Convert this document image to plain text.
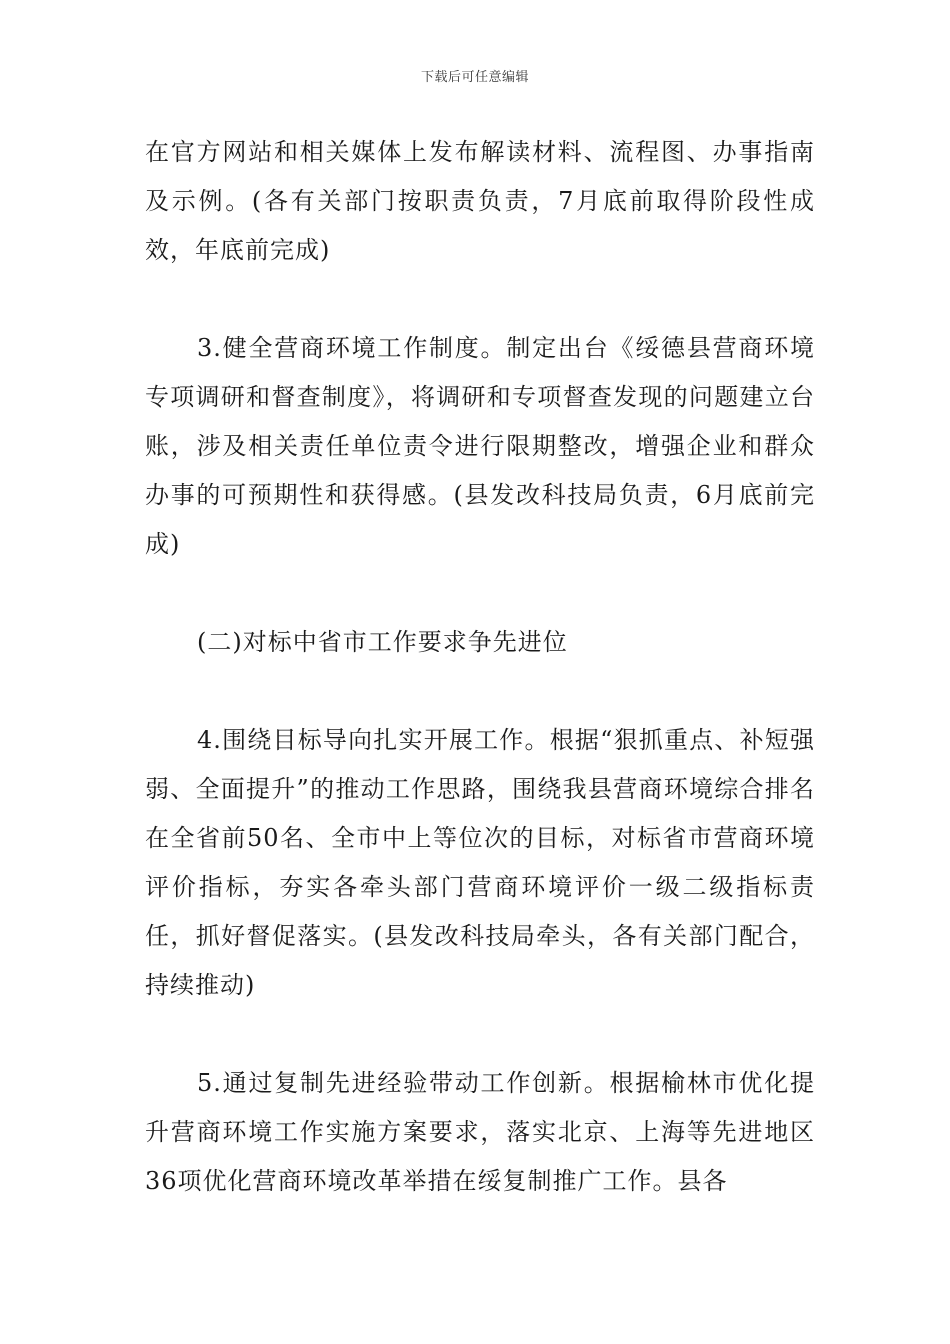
下载后可任意编辑

在官方网站和相关媒体上发布解读材料、流程图、办事指南及示例。(各有关部门按职责负责，7月底前取得阶段性成效，年底前完成)

3.健全营商环境工作制度。制定出台《绥德县营商环境专项调研和督查制度》，将调研和专项督查发现的问题建立台账，涉及相关责任单位责令进行限期整改，增强企业和群众办事的可预期性和获得感。(县发改科技局负责，6月底前完成)

(二)对标中省市工作要求争先进位

4.围绕目标导向扎实开展工作。根据“狠抓重点、补短强弱、全面提升”的推动工作思路，围绕我县营商环境综合排名在全省前50名、全市中上等位次的目标，对标省市营商环境评价指标，夯实各牵头部门营商环境评价一级二级指标责任，抓好督促落实。(县发改科技局牵头，各有关部门配合，持续推动)

5.通过复制先进经验带动工作创新。根据榆林市优化提升营商环境工作实施方案要求，落实北京、上海等先进地区36项优化营商环境改革举措在绥复制推广工作。县各
